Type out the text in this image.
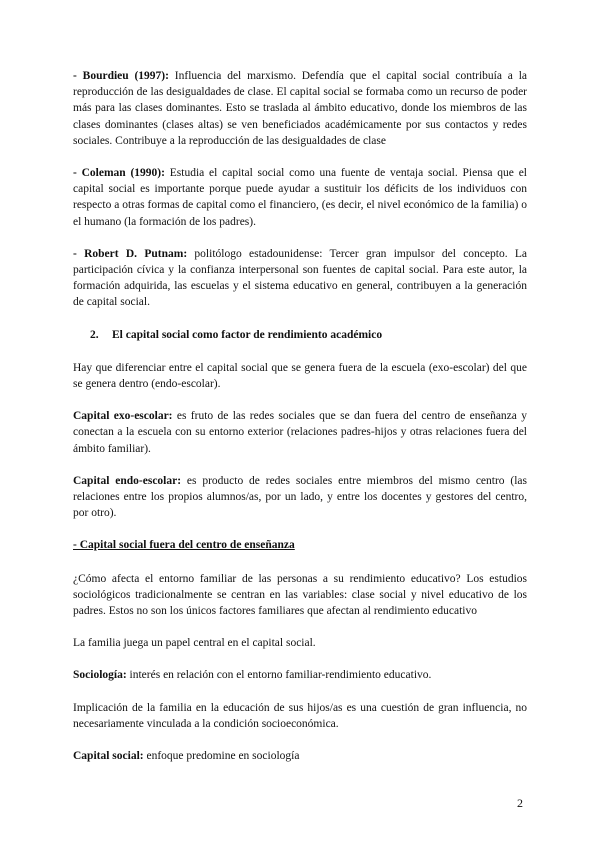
- Bourdieu (1997): Influencia del marxismo. Defendía que el capital social contribuía a la reproducción de las desigualdades de clase. El capital social se formaba como un recurso de poder más para las clases dominantes. Esto se traslada al ámbito educativo, donde los miembros de las clases dominantes (clases altas) se ven beneficiados académicamente por sus contactos y redes sociales. Contribuye a la reproducción de las desigualdades de clase

- Coleman (1990): Estudia el capital social como una fuente de ventaja social. Piensa que el capital social es importante porque puede ayudar a sustituir los déficits de los individuos con respecto a otras formas de capital como el financiero, (es decir, el nivel económico de la familia) o el humano (la formación de los padres).

- Robert D. Putnam: politólogo estadounidense: Tercer gran impulsor del concepto. La participación cívica y la confianza interpersonal son fuentes de capital social. Para este autor, la formación adquirida, las escuelas y el sistema educativo en general, contribuyen a la generación de capital social.

2.	El capital social como factor de rendimiento académico

Hay que diferenciar entre el capital social que se genera fuera de la escuela (exo-escolar) del que se genera dentro (endo-escolar).

Capital exo-escolar: es fruto de las redes sociales que se dan fuera del centro de enseñanza y conectan a la escuela con su entorno exterior (relaciones padres-hijos y otras relaciones fuera del ámbito familiar).

Capital endo-escolar: es producto de redes sociales entre miembros del mismo centro (las relaciones entre los propios alumnos/as, por un lado, y entre los docentes y gestores del centro, por otro).

- Capital social fuera del centro de enseñanza

¿Cómo afecta el entorno familiar de las personas a su rendimiento educativo? Los estudios sociológicos tradicionalmente se centran en las variables: clase social y nivel educativo de los padres. Estos no son los únicos factores familiares que afectan al rendimiento educativo

La familia juega un papel central en el capital social.

Sociología: interés en relación con el entorno familiar-rendimiento educativo.

Implicación de la familia en la educación de sus hijos/as es una cuestión de gran influencia, no necesariamente vinculada a la condición socioeconómica.

Capital social: enfoque predomine en sociología

2
